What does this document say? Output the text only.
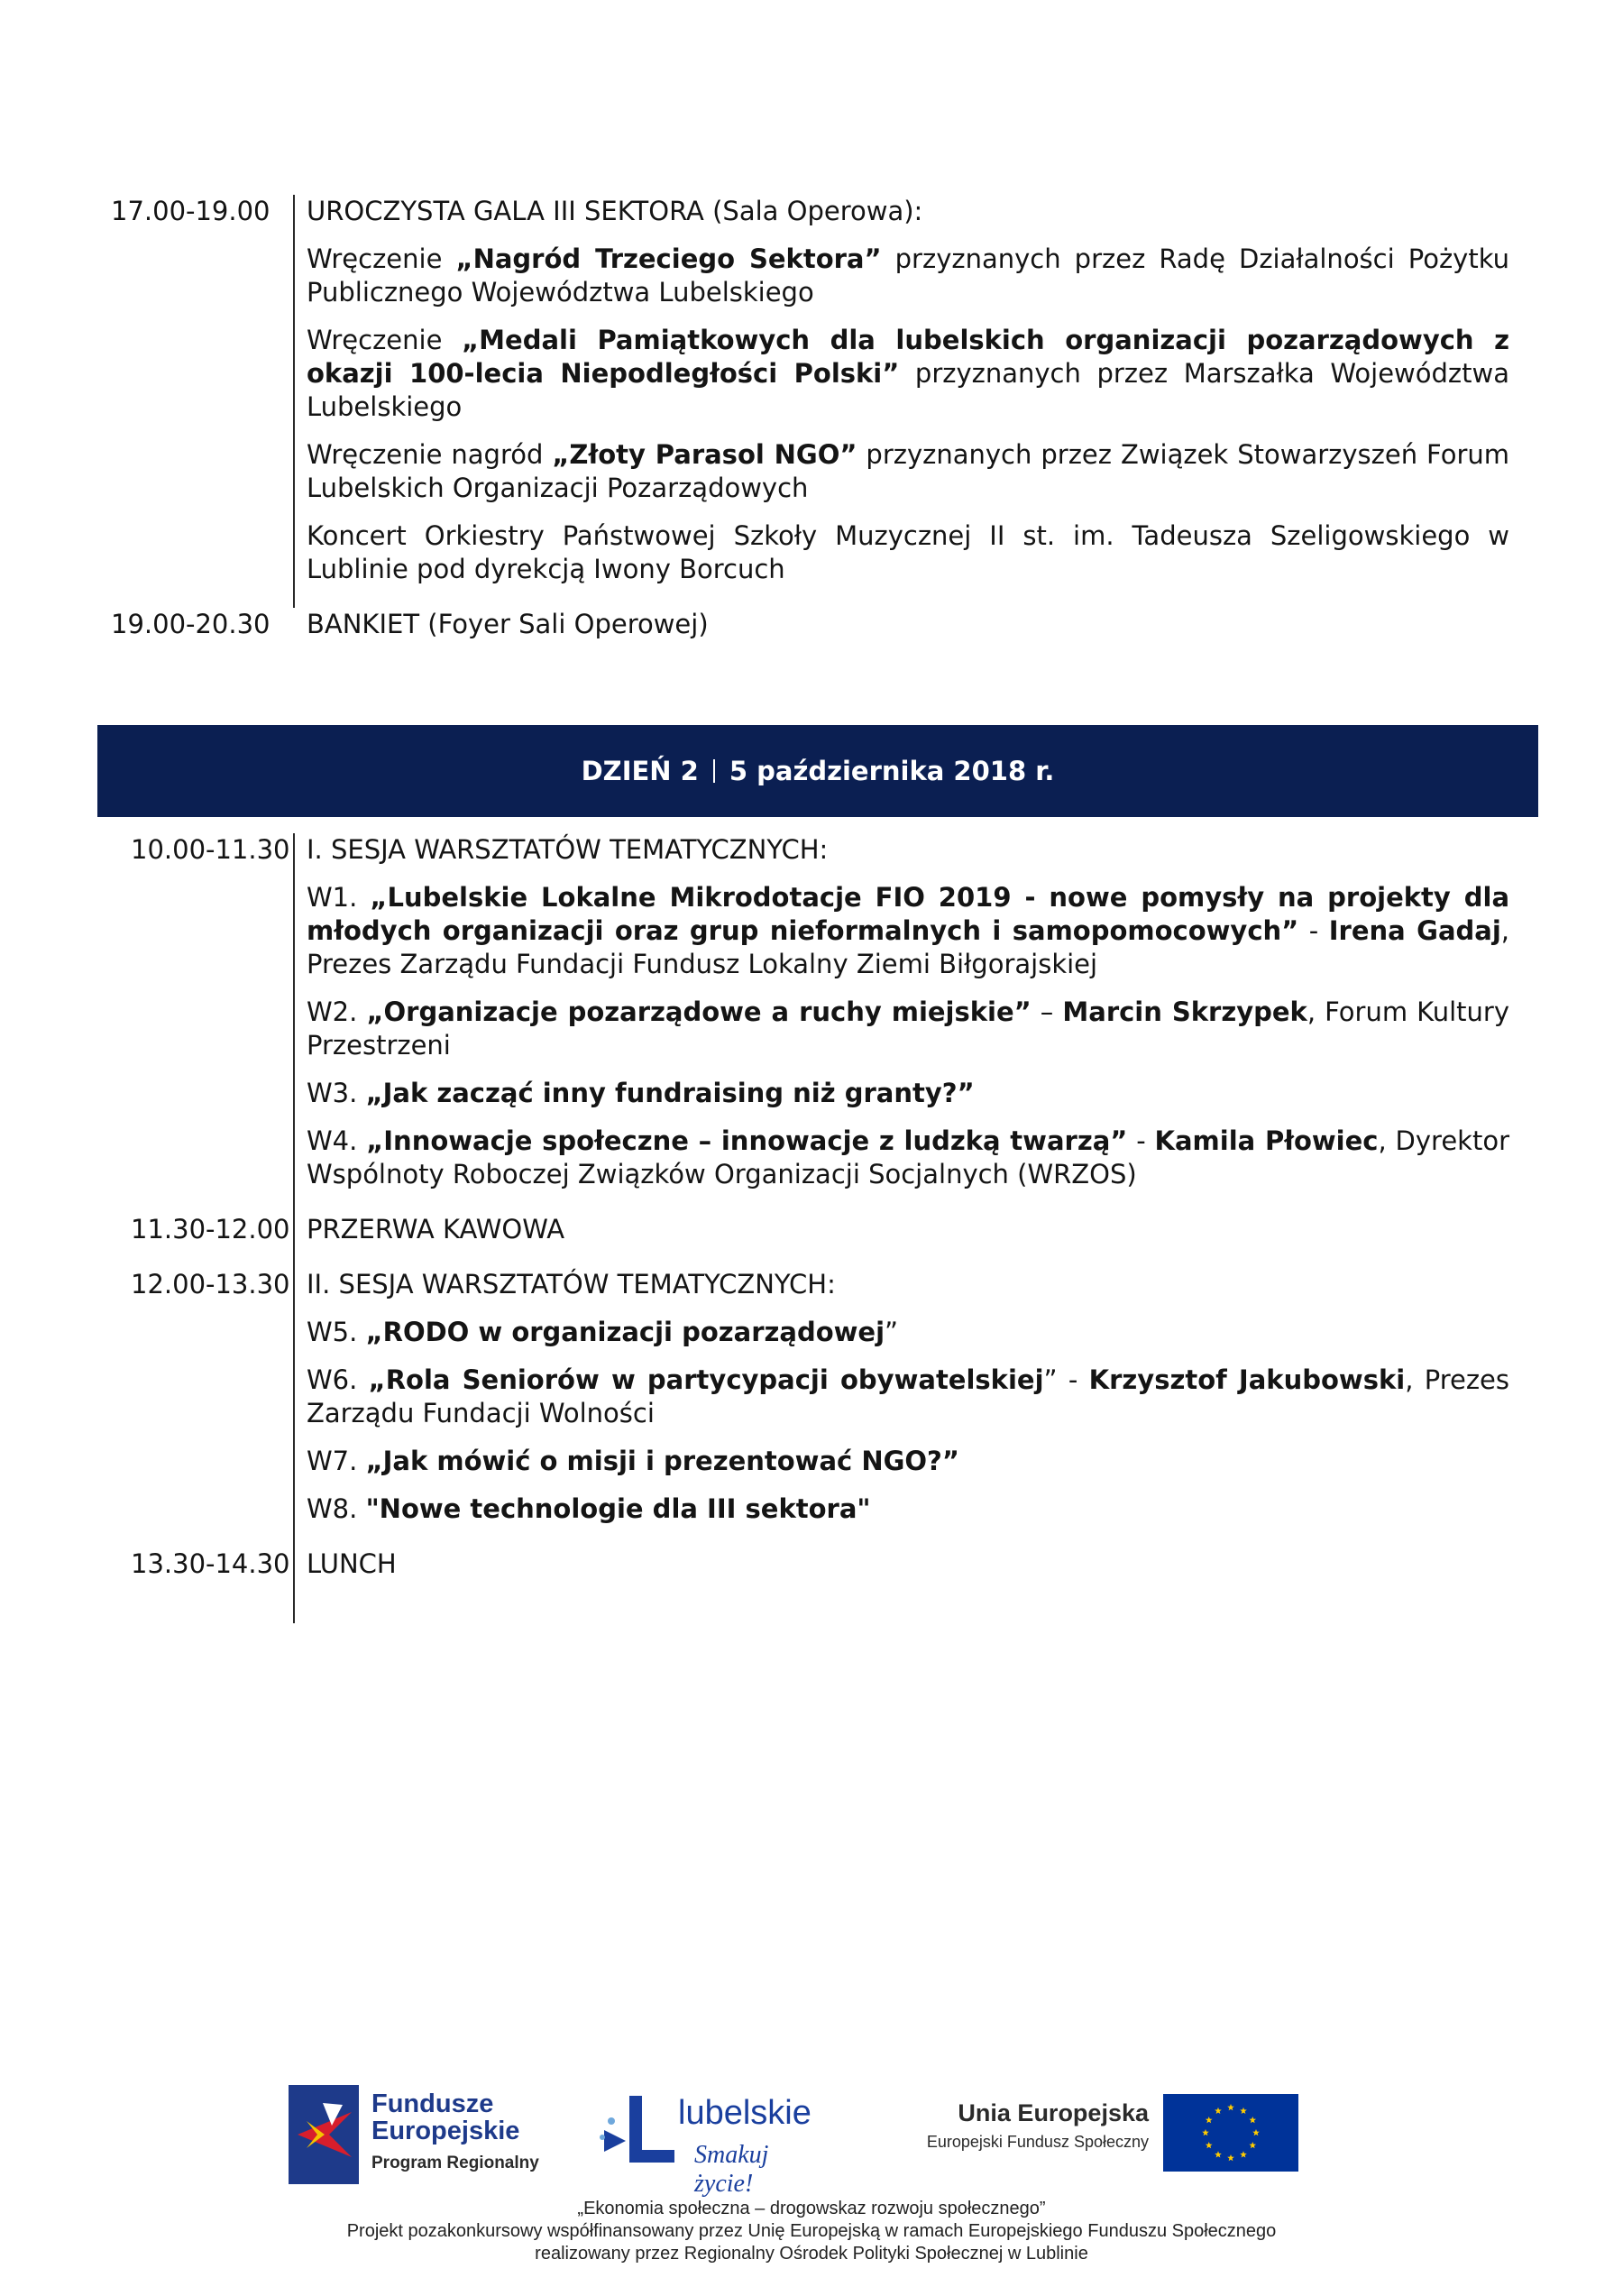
17.00-19.00 UROCZYSTA GALA III SEKTORA (Sala Operowa):
Wręczenie „Nagród Trzeciego Sektora” przyznanych przez Radę Działalności Pożytku Publicznego Województwa Lubelskiego
Wręczenie „Medali Pamiątkowych dla lubelskich organizacji pozarządowych z okazji 100-lecia Niepodległości Polski” przyznanych przez Marszałka Województwa Lubelskiego
Wręczenie nagród „Złoty Parasol NGO” przyznanych przez Związek Stowarzyszeń Forum Lubelskich Organizacji Pozarządowych
Koncert Orkiestry Państwowej Szkoły Muzycznej II st. im. Tadeusza Szeligowskiego w Lublinie pod dyrekcją Iwony Borcuch
19.00-20.30 BANKIET (Foyer Sali Operowej)
DZIEŃ 2 5 października 2018 r.
10.00-11.30 I. SESJA WARSZTATÓW TEMATYCZNYCH:
W1. „Lubelskie Lokalne Mikrodotacje FIO 2019 - nowe pomysły na projekty dla młodych organizacji oraz grup nieformalnych i samopomocowych” - Irena Gadaj, Prezes Zarządu Fundacji Fundusz Lokalny Ziemi Biłgorajskiej
W2. „Organizacje pozarządowe a ruchy miejskie” – Marcin Skrzypek, Forum Kultury Przestrzeni
W3. „Jak zacząć inny fundraising niż granty?”
W4. „Innowacje społeczne – innowacje z ludzką twarzą” - Kamila Płowiec, Dyrektor Wspólnoty Roboczej Związków Organizacji Socjalnych (WRZOS)
11.30-12.00 PRZERWA KAWOWA
12.00-13.30 II. SESJA WARSZTATÓW TEMATYCZNYCH:
W5. „RODO w organizacji pozarządowej”
W6. „Rola Seniorów w partycypacji obywatelskiej” - Krzysztof Jakubowski, Prezes Zarządu Fundacji Wolności
W7. „Jak mówić o misji i prezentować NGO?”
W8. "Nowe technologie dla III sektora"
13.30-14.30 LUNCH
Fundusze
Europejskie
Program Regionalny
lubelskie
Smakuj życie!
Unia Europejska
Europejski Fundusz Społeczny
„Ekonomia społeczna – drogowskaz rozwoju społecznego”
Projekt pozakonkursowy współfinansowany przez Unię Europejską w ramach Europejskiego Funduszu Społecznego
realizowany przez Regionalny Ośrodek Polityki Społecznej w Lublinie
